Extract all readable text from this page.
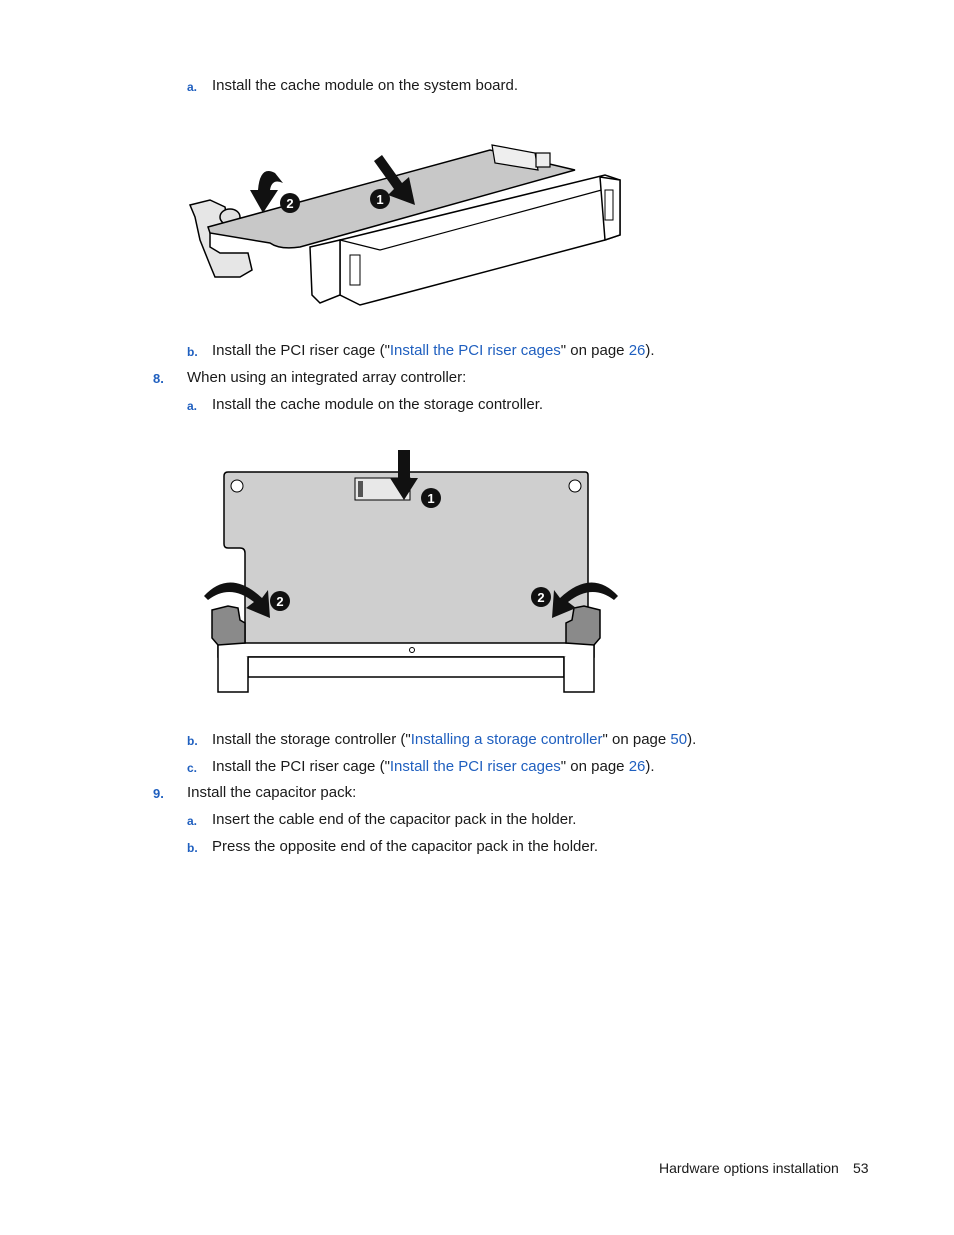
a. Install the cache module on the system board.
1
2
b. Install the PCI riser cage ("Install the PCI riser cages" on page 26).
8. When using an integrated array controller:
a. Install the cache module on the storage controller.
1
2	2
b. Install the storage controller ("Installing a storage controller" on page 50).
c. Install the PCI riser cage ("Install the PCI riser cages" on page 26).
9. Install the capacitor pack:
a. Insert the cable end of the capacitor pack in the holder.
b. Press the opposite end of the capacitor pack in the holder.
Hardware options installation 53
